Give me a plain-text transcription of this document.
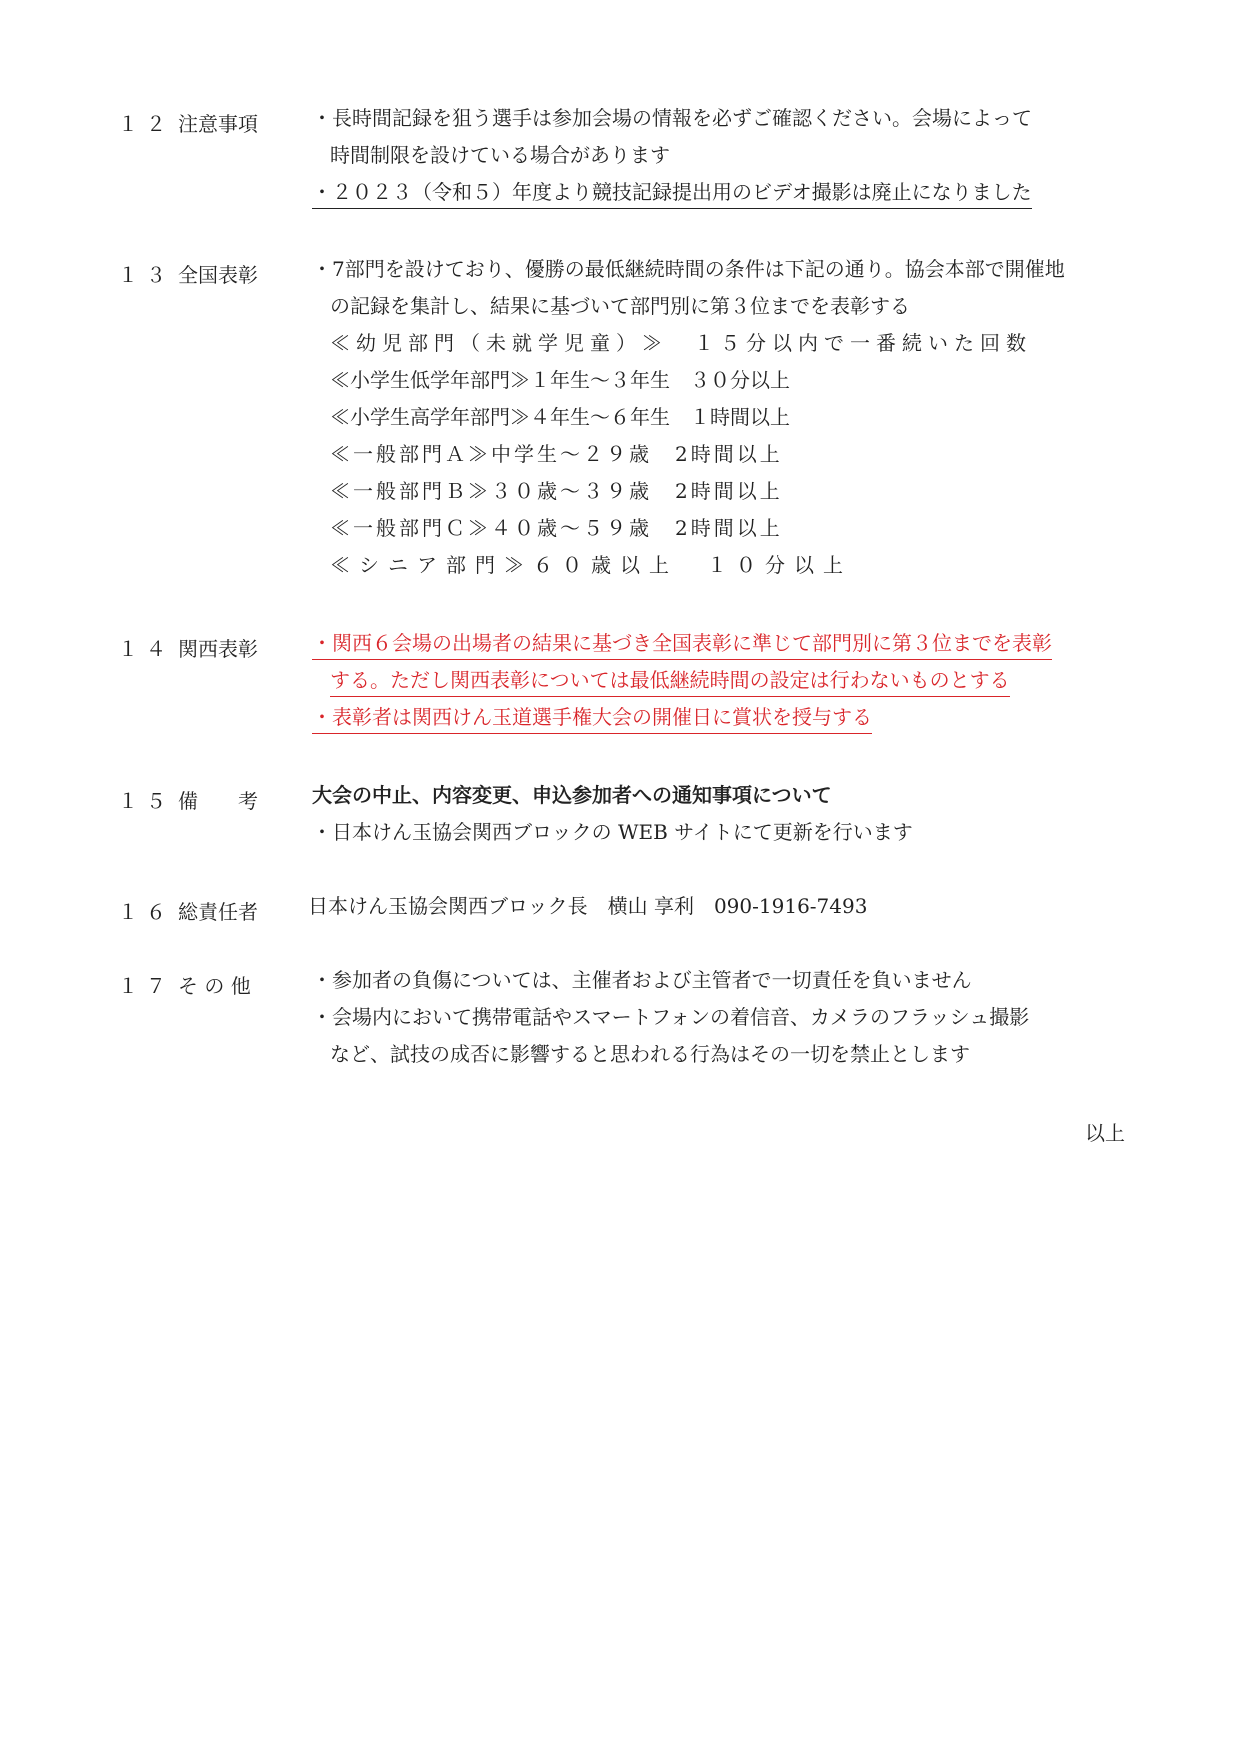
１２ 注意事項	・長時間記録を狙う選手は参加会場の情報を必ずご確認ください。会場によって
時間制限を設けている場合があります
・２０２３（令和５）年度より競技記録提出用のビデオ撮影は廃止になりました
１３ 全国表彰	・7部門を設けており、優勝の最低継続時間の条件は下記の通り。協会本部で開催地
の記録を集計し、結果に基づいて部門別に第３位までを表彰する
≪幼児部門（未就学児童）≫　１５分以内で一番続いた回数
≪小学生低学年部門≫１年生～３年生　３０分以上
≪小学生高学年部門≫４年生～６年生　１時間以上
≪一般部門Ａ≫中学生～２９歳　2時間以上
≪一般部門Ｂ≫３０歳～３９歳　2時間以上
≪一般部門Ｃ≫４０歳～５９歳　2時間以上
≪シニア部門≫６０歳以上　１０分以上
１４ 関西表彰	・関西６会場の出場者の結果に基づき全国表彰に準じて部門別に第３位までを表彰
する。ただし関西表彰については最低継続時間の設定は行わないものとする
・表彰者は関西けん玉道選手権大会の開催日に賞状を授与する
１５ 備　　考	大会の中止、内容変更、申込参加者への通知事項について
・日本けん玉協会関西ブロックの WEB サイトにて更新を行います
１６ 総責任者	日本けん玉協会関西ブロック長　横山 享利　090-1916-7493
１７ そ の 他	・参加者の負傷については、主催者および主管者で一切責任を負いません
・会場内において携帯電話やスマートフォンの着信音、カメラのフラッシュ撮影
など、試技の成否に影響すると思われる行為はその一切を禁止とします
以上
